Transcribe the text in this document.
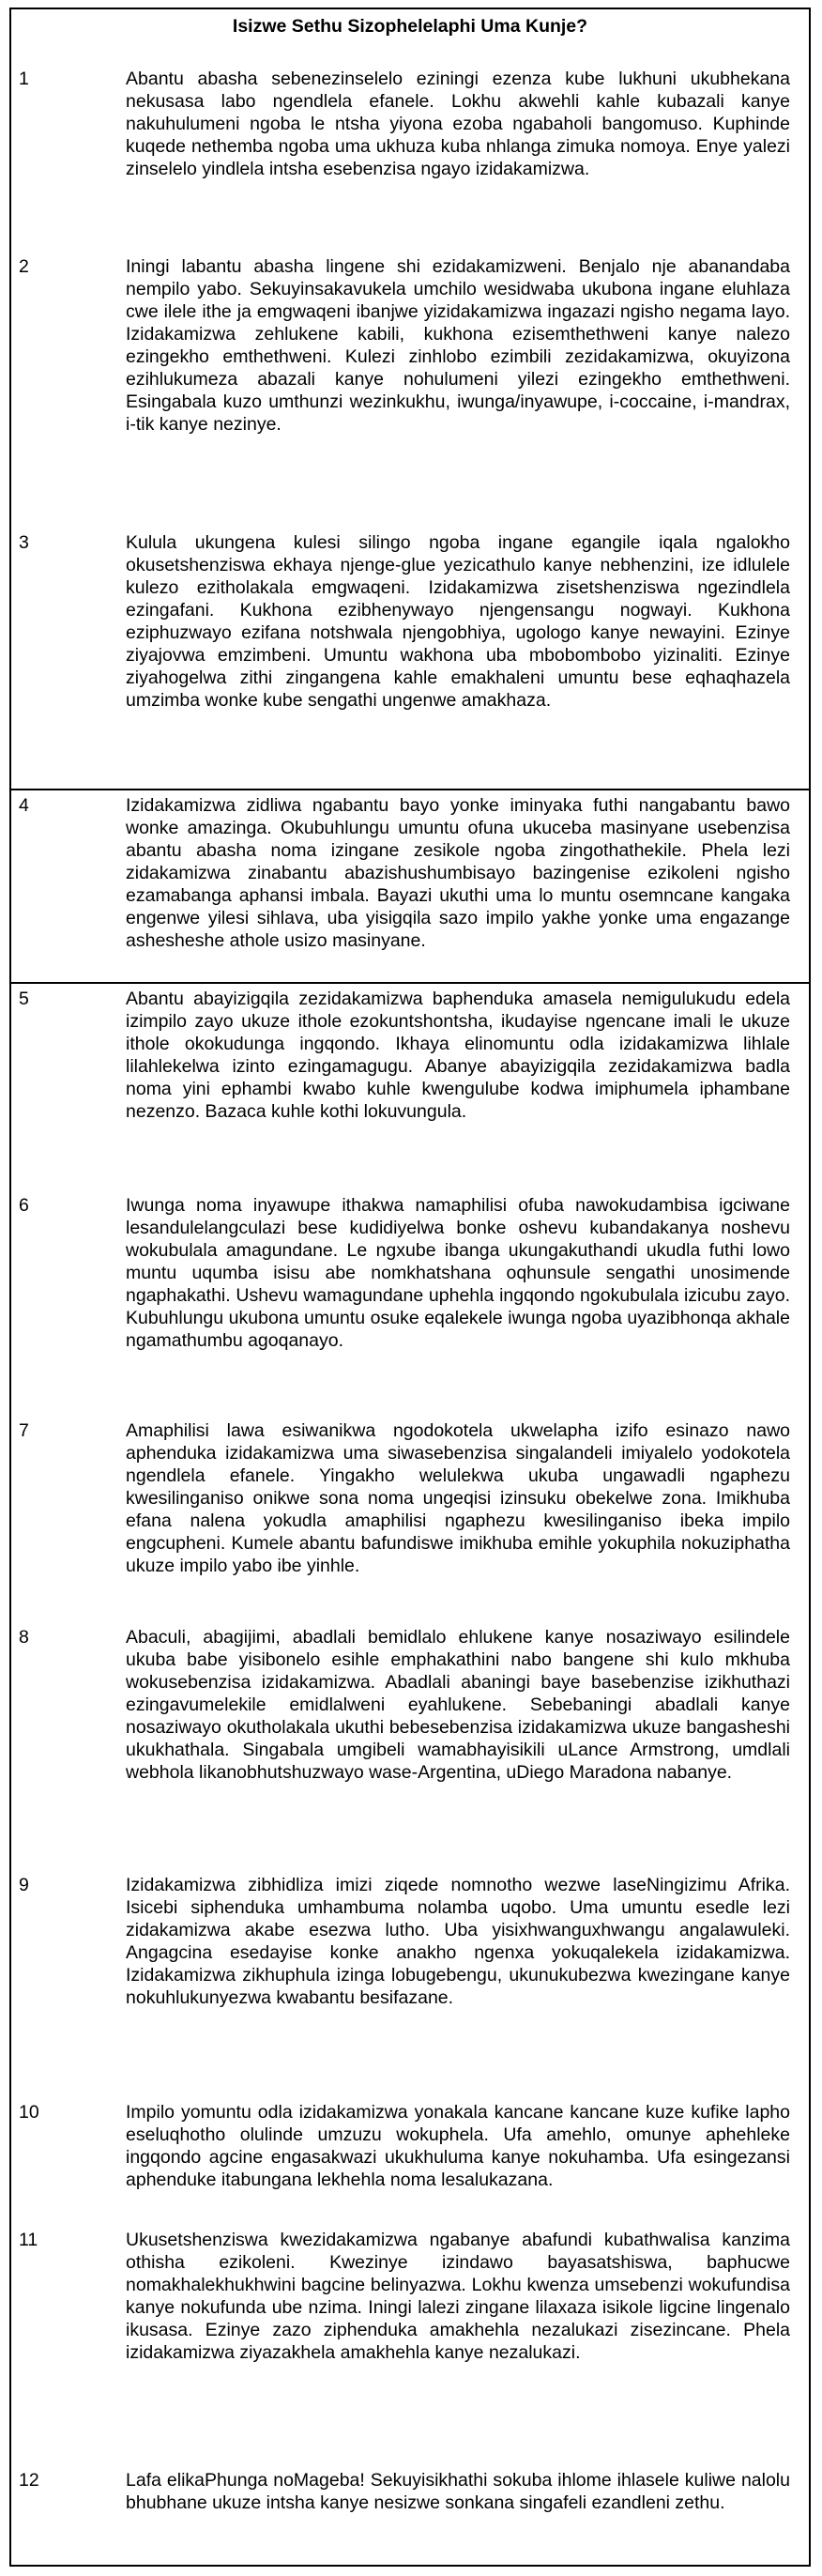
Isizwe Sethu Sizophelelaphi Uma Kunje?
1	Abantu abasha sebenezinselelo eziningi ezenza kube lukhuni ukubhekana nekusasa labo ngendlela efanele. Lokhu akwehli kahle kubazali kanye nakuhulumeni ngoba le ntsha yiyona ezoba ngabaholi bangomuso. Kuphinde kuqede nethemba ngoba uma ukhuza kuba nhlanga zimuka nomoya. Enye yalezi zinselelo yindlela intsha esebenzisa ngayo izidakamizwa.
2	Iningi labantu abasha lingene shi ezidakamizweni. Benjalo nje abanandaba nempilo yabo. Sekuyinsakavukela umchilo wesidwaba ukubona ingane eluhlaza cwe ilele ithe ja emgwaqeni ibanjwe yizidakamizwa ingazazi ngisho negama layo. Izidakamizwa zehlukene kabili, kukhona ezisemthethweni kanye nalezo ezingekho emthethweni. Kulezi zinhlobo ezimbili zezidakamizwa, okuyizona ezihlukumeza abazali kanye nohulumeni yilezi ezingekho emthethweni. Esingabala kuzo umthunzi wezinkukhu, iwunga/inyawupe, i-coccaine, i-mandrax, i-tik kanye nezinye.
3	Kulula ukungena kulesi silingo ngoba ingane egangile iqala ngalokho okusetshenziswa ekhaya njenge-glue yezicathulo kanye nebhenzini, ize idlulele kulezo ezitholakala emgwaqeni. Izidakamizwa zisetshenziswa ngezindlela ezingafani. Kukhona ezibhenywayo njengensangu nogwayi. Kukhona eziphuzwayo ezifana notshwala njengobhiya, ugologo kanye newayini. Ezinye ziyajovwa emzimbeni. Umuntu wakhona uba mbobombobo yizinaliti. Ezinye ziyahogelwa zithi zingangena kahle emakhaleni umuntu bese eqhaqhazela umzimba wonke kube sengathi ungenwe amakhaza.
4	Izidakamizwa zidliwa ngabantu bayo yonke iminyaka futhi nangabantu bawo wonke amazinga. Okubuhlungu umuntu ofuna ukuceba masinyane usebenzisa abantu abasha noma izingane zesikole ngoba zingothathekile. Phela lezi zidakamizwa zinabantu abazishushumbisayo bazingenise ezikoleni ngisho ezamabanga aphansi imbala. Bayazi ukuthi uma lo muntu osemncane kangaka engenwe yilesi sihlava, uba yisigqila sazo impilo yakhe yonke uma engazange ashesheshe athole usizo masinyane.
5	Abantu abayizigqila zezidakamizwa baphenduka amasela nemigulukudu edela izimpilo zayo ukuze ithole ezokuntshontsha, ikudayise ngencane imali le ukuze ithole okokudunga ingqondo. Ikhaya elinomuntu odla izidakamizwa lihlale lilahlekelwa izinto ezingamagugu. Abanye abayizigqila zezidakamizwa badla noma yini ephambi kwabo kuhle kwengulube kodwa imiphumela iphambane nezenzo. Bazaca kuhle kothi lokuvungula.
6	Iwunga noma inyawupe ithakwa namaphilisi ofuba nawokudambisa igciwane lesandulelangculazi bese kudidiyelwa bonke oshevu kubandakanya noshevu wokubulala amagundane. Le ngxube ibanga ukungakuthandi ukudla futhi lowo muntu uqumba isisu abe nomkhatshana oqhunsule sengathi unosimende ngaphakathi. Ushevu wamagundane uphehla ingqondo ngokubulala izicubu zayo. Kubuhlungu ukubona umuntu osuke eqalekele iwunga ngoba uyazibhonqa akhale ngamathumbu agoqanayo.
7	Amaphilisi lawa esiwanikwa ngodokotela ukwelapha izifo esinazo nawo aphenduka izidakamizwa uma siwasebenzisa singalandeli imiyalelo yodokotela ngendlela efanele. Yingakho welulekwa ukuba ungawadli ngaphezu kwesilinganiso onikwe sona noma ungeqisi izinsuku obekelwe zona. Imikhuba efana nalena yokudla amaphilisi ngaphezu kwesilinganiso ibeka impilo engcupheni. Kumele abantu bafundiswe imikhuba emihle yokuphila nokuziphatha ukuze impilo yabo ibe yinhle.
8	Abaculi, abagijimi, abadlali bemidlalo ehlukene kanye nosaziwayo esilindele ukuba babe yisibonelo esihle emphakathini nabo bangene shi kulo mkhuba wokusebenzisa izidakamizwa. Abadlali abaningi baye basebenzise izikhuthazi ezingavumelekile emidlalweni eyahlukene. Sebebaningi abadlali kanye nosaziwayo okutholakala ukuthi bebesebenzisa izidakamizwa ukuze bangasheshi ukukhathala. Singabala umgibeli wamabhayisikili uLance Armstrong, umdlali webhola likanobhutshuzwayo wase-Argentina, uDiego Maradona nabanye.
9	Izidakamizwa zibhidliza imizi ziqede nomnotho wezwe laseNingizimu Afrika. Isicebi siphenduka umhambuma nolamba uqobo. Uma umuntu esedle lezi zidakamizwa akabe esezwa lutho. Uba yisixhwanguxhwangu angalawuleki. Angagcina esedayise konke anakho ngenxa yokuqalekela izidakamizwa. Izidakamizwa zikhuphula izinga lobugebengu, ukunukubezwa kwezingane kanye nokuhlukunyezwa kwabantu besifazane.
10	Impilo yomuntu odla izidakamizwa yonakala kancane kancane kuze kufike lapho eseluqhotho olulinde umzuzu wokuphela. Ufa amehlo, omunye aphehleke ingqondo agcine engasakwazi ukukhuluma kanye nokuhamba. Ufa esingezansi aphenduke itabungana lekhehla noma lesalukazana.
11	Ukusetshenziswa kwezidakamizwa ngabanye abafundi kubathwalisa kanzima othisha ezikoleni. Kwezinye izindawo bayasatshiswa, baphucwe nomakhalekhukhwini bagcine belinyazwa. Lokhu kwenza umsebenzi wokufundisa kanye nokufunda ube nzima. Iningi lalezi zingane lilaxaza isikole ligcine lingenalo ikusasa. Ezinye zazo ziphenduka amakhehla nezalukazi zisezincane. Phela izidakamizwa ziyazakhela amakhehla kanye nezalukazi.
12	Lafa elikaPhunga noMageba! Sekuyisikhathi sokuba ihlome ihlasele kuliwe nalolu bhubhane ukuze intsha kanye nesizwe sonkana singafeli ezandleni zethu.
